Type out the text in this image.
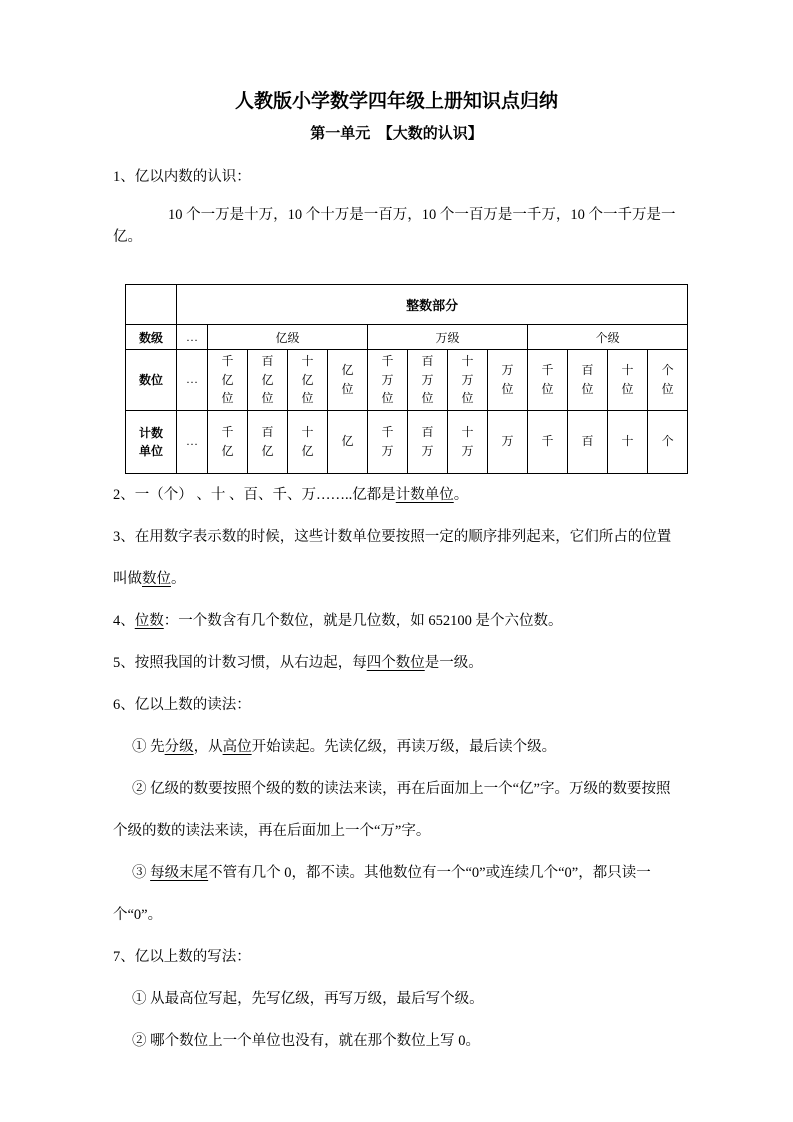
人教版小学数学四年级上册知识点归纳
第一单元　【大数的认识】

1、亿以内数的认识：

10 个一万是十万，10 个十万是一百万，10 个一百万是一千万，10 个一千万是一亿。

	整数部分												
数级	…	亿级				万级				个级			
数位	…	千亿位	百亿位	十亿位	亿位	千万位	百万位	十万位	万位	千位	百位	十位	个位

计数单位	…	千亿	百亿	十亿	亿	千万	百万	十万	万	千	百	十	个

2、一（个） 、十 、百、千、万……..亿都是计数单位。

3、在用数字表示数的时候，这些计数单位要按照一定的顺序排列起来，它们所占的位置叫做数位。

4、位数：一个数含有几个数位，就是几位数，如 652100 是个六位数。

5、按照我国的计数习惯，从右边起，每四个数位是一级。

6、亿以上数的读法：

① 先分级，从高位开始读起。先读亿级，再读万级，最后读个级。

② 亿级的数要按照个级的数的读法来读，再在后面加上一个“亿”字。万级的数要按照个级的数的读法来读，再在后面加上一个“万”字。

③ 每级末尾不管有几个 0，都不读。其他数位有一个“0”或连续几个“0”，都只读一个“0”。

7、亿以上数的写法：

① 从最高位写起，先写亿级，再写万级，最后写个级。

② 哪个数位上一个单位也没有，就在那个数位上写 0。
